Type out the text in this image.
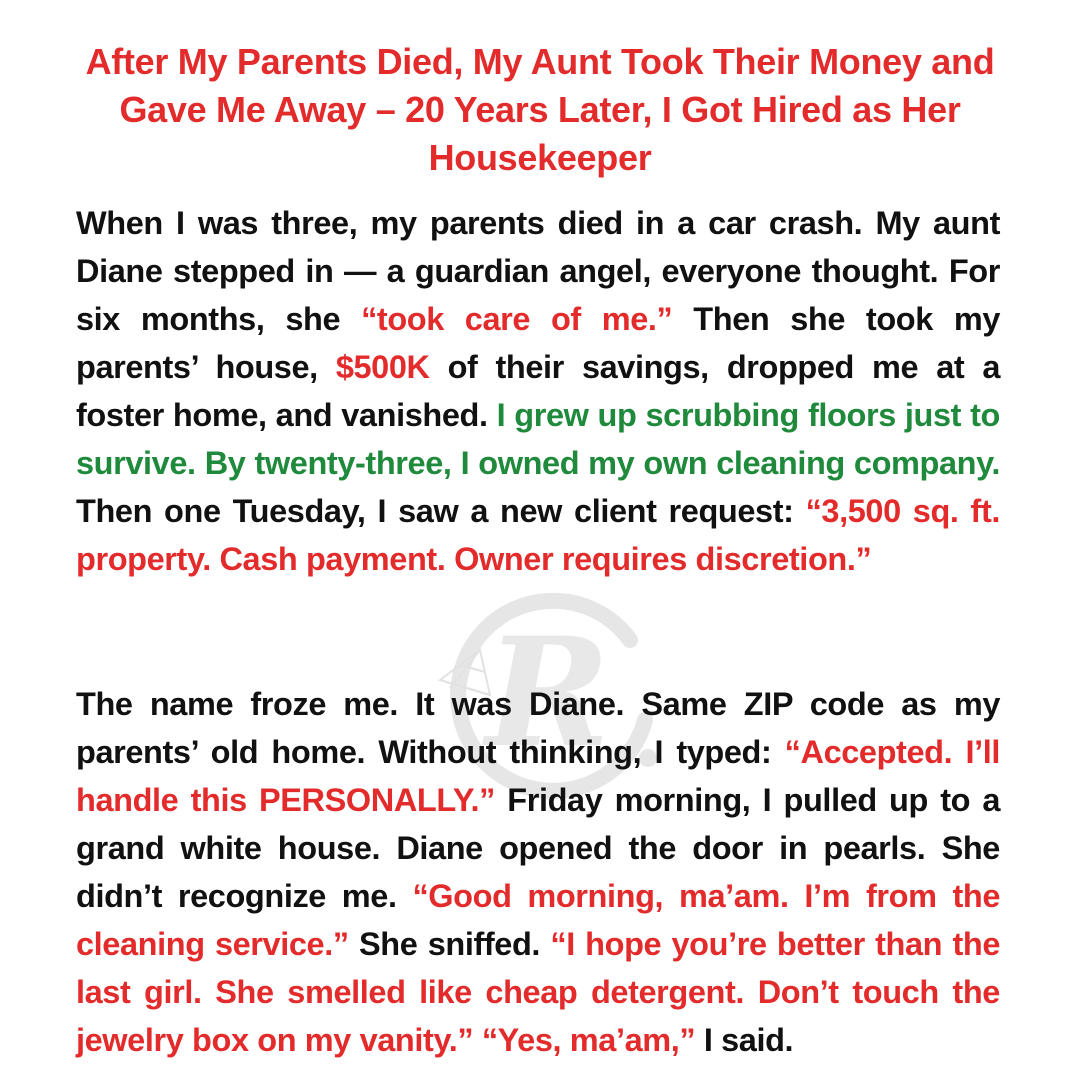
R
After My Parents Died, My Aunt Took Their Money and Gave Me Away – 20 Years Later, I Got Hired as Her Housekeeper

When I was three, my parents died in a car crash. My aunt Diane stepped in — a guardian angel, everyone thought. For six months, she “took care of me.” Then she took my parents’ house, $500K of their savings, dropped me at a foster home, and vanished. I grew up scrubbing floors just to survive. By twenty-three, I owned my own cleaning company. Then one Tuesday, I saw a new client request: “3,500 sq. ft. property. Cash payment. Owner requires discretion.”

The name froze me. It was Diane. Same ZIP code as my parents’ old home. Without thinking, I typed: “Accepted. I’ll handle this PERSONALLY.” Friday morning, I pulled up to a grand white house. Diane opened the door in pearls. She didn’t recognize me. “Good morning, ma’am. I’m from the cleaning service.” She sniffed. “I hope you’re better than the last girl. She smelled like cheap detergent. Don’t touch the jewelry box on my vanity.” “Yes, ma’am,” I said.
